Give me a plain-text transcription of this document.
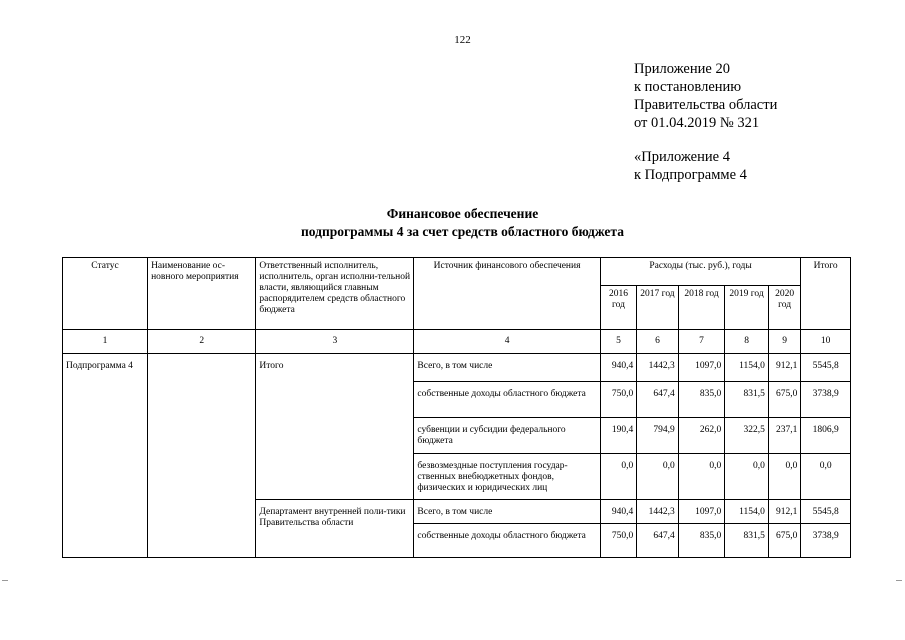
122
Приложение 20
к постановлению
Правительства области
от 01.04.2019 № 321
«Приложение 4
к Подпрограмме 4
Финансовое обеспечение
подпрограммы 4 за счет средств областного бюджета
Статус	Наименование ос-новного мероприятия	Ответственный исполнитель, исполнитель, орган исполни-тельной власти, являющийся главным распорядителем средств областного бюджета	Источник финансового обеспечения	Расходы (тыс. руб.), годы					Итого
				2016 год	2017 год	2018 год	2019 год	2020 год	
1	2	3	4	5	6	7	8	9	10
Подпрограмма 4		Итого	Всего, в том числе	940,4	1442,3	1097,0	1154,0	912,1	5545,8
			собственные доходы областного бюджета	750,0	647,4	835,0	831,5	675,0	3738,9
			субвенции и субсидии федерального бюджета	190,4	794,9	262,0	322,5	237,1	1806,9
			безвозмездные поступления государ-ственных внебюджетных фондов, физических и юридических лиц	0,0	0,0	0,0	0,0	0,0	0,0
		Департамент внутренней поли-тики Правительства области	Всего, в том числе	940,4	1442,3	1097,0	1154,0	912,1	5545,8
			собственные доходы областного бюджета	750,0	647,4	835,0	831,5	675,0	3738,9
